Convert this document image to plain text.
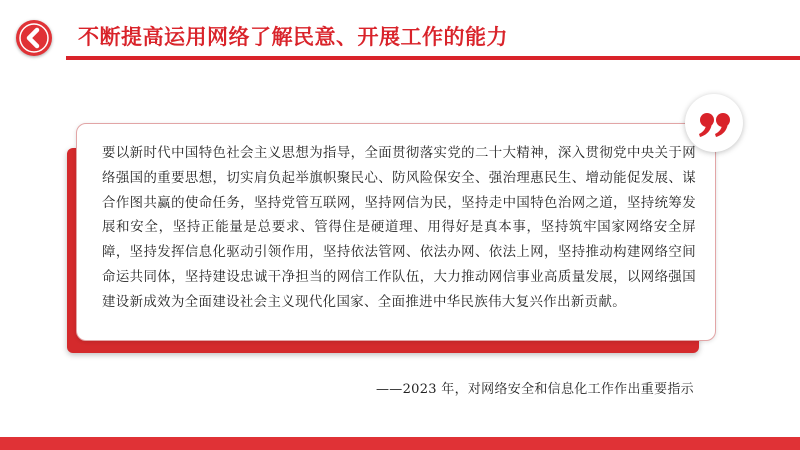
不断提高运用网络了解民意、开展工作的能力
要以新时代中国特色社会主义思想为指导，全面贯彻落实党的二十大精神，深入贯彻党中央关于网络强国的重要思想，切实肩负起举旗帜聚民心、防风险保安全、强治理惠民生、增动能促发展、谋合作图共赢的使命任务，坚持党管互联网，坚持网信为民，坚持走中国特色治网之道，坚持统筹发展和安全，坚持正能量是总要求、管得住是硬道理、用得好是真本事，坚持筑牢国家网络安全屏障，坚持发挥信息化驱动引领作用，坚持依法管网、依法办网、依法上网，坚持推动构建网络空间命运共同体，坚持建设忠诚干净担当的网信工作队伍，大力推动网信事业高质量发展，以网络强国建设新成效为全面建设社会主义现代化国家、全面推进中华民族伟大复兴作出新贡献。
——2023 年，对网络安全和信息化工作作出重要指示
